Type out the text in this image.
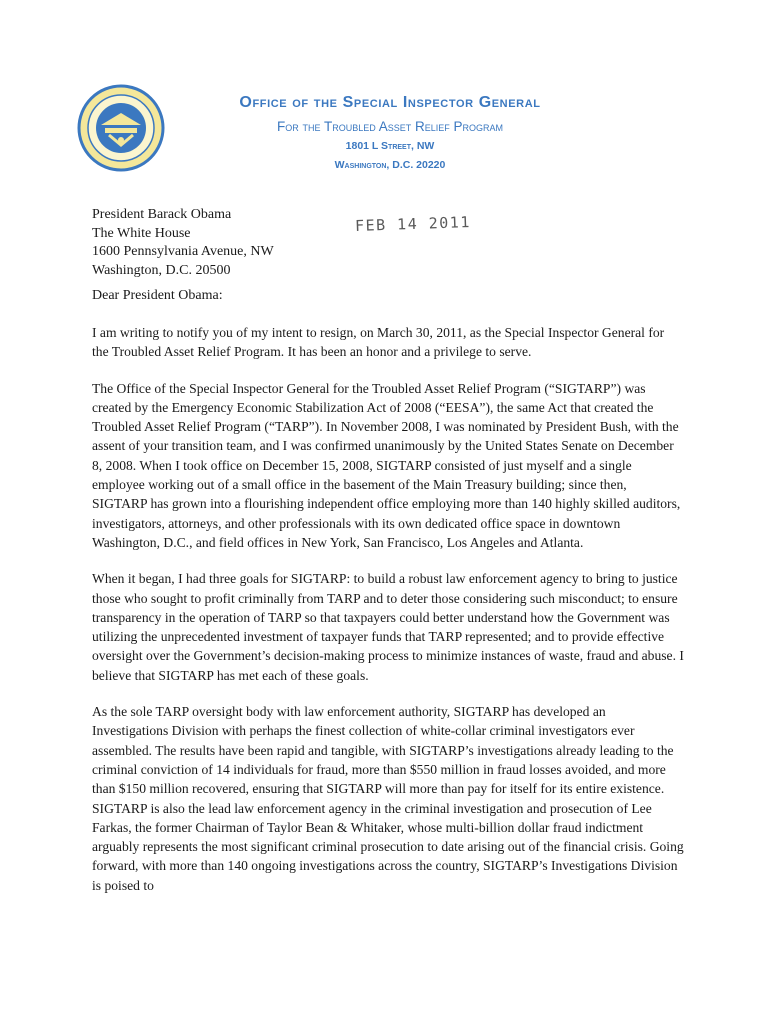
Office of the Special Inspector General
For the Troubled Asset Relief Program
1801 L Street, NW
Washington, D.C. 20220
FEB 14 2011
President Barack Obama
The White House
1600 Pennsylvania Avenue, NW
Washington, D.C. 20500
Dear President Obama:

I am writing to notify you of my intent to resign, on March 30, 2011, as the Special Inspector General for the Troubled Asset Relief Program. It has been an honor and a privilege to serve.

The Office of the Special Inspector General for the Troubled Asset Relief Program (“SIGTARP”) was created by the Emergency Economic Stabilization Act of 2008 (“EESA”), the same Act that created the Troubled Asset Relief Program (“TARP”). In November 2008, I was nominated by President Bush, with the assent of your transition team, and I was confirmed unanimously by the United States Senate on December 8, 2008. When I took office on December 15, 2008, SIGTARP consisted of just myself and a single employee working out of a small office in the basement of the Main Treasury building; since then, SIGTARP has grown into a flourishing independent office employing more than 140 highly skilled auditors, investigators, attorneys, and other professionals with its own dedicated office space in downtown Washington, D.C., and field offices in New York, San Francisco, Los Angeles and Atlanta.

When it began, I had three goals for SIGTARP: to build a robust law enforcement agency to bring to justice those who sought to profit criminally from TARP and to deter those considering such misconduct; to ensure transparency in the operation of TARP so that taxpayers could better understand how the Government was utilizing the unprecedented investment of taxpayer funds that TARP represented; and to provide effective oversight over the Government’s decision-making process to minimize instances of waste, fraud and abuse. I believe that SIGTARP has met each of these goals.

As the sole TARP oversight body with law enforcement authority, SIGTARP has developed an Investigations Division with perhaps the finest collection of white-collar criminal investigators ever assembled. The results have been rapid and tangible, with SIGTARP’s investigations already leading to the criminal conviction of 14 individuals for fraud, more than $550 million in fraud losses avoided, and more than $150 million recovered, ensuring that SIGTARP will more than pay for itself for its entire existence. SIGTARP is also the lead law enforcement agency in the criminal investigation and prosecution of Lee Farkas, the former Chairman of Taylor Bean & Whitaker, whose multi-billion dollar fraud indictment arguably represents the most significant criminal prosecution to date arising out of the financial crisis. Going forward, with more than 140 ongoing investigations across the country, SIGTARP’s Investigations Division is poised to
